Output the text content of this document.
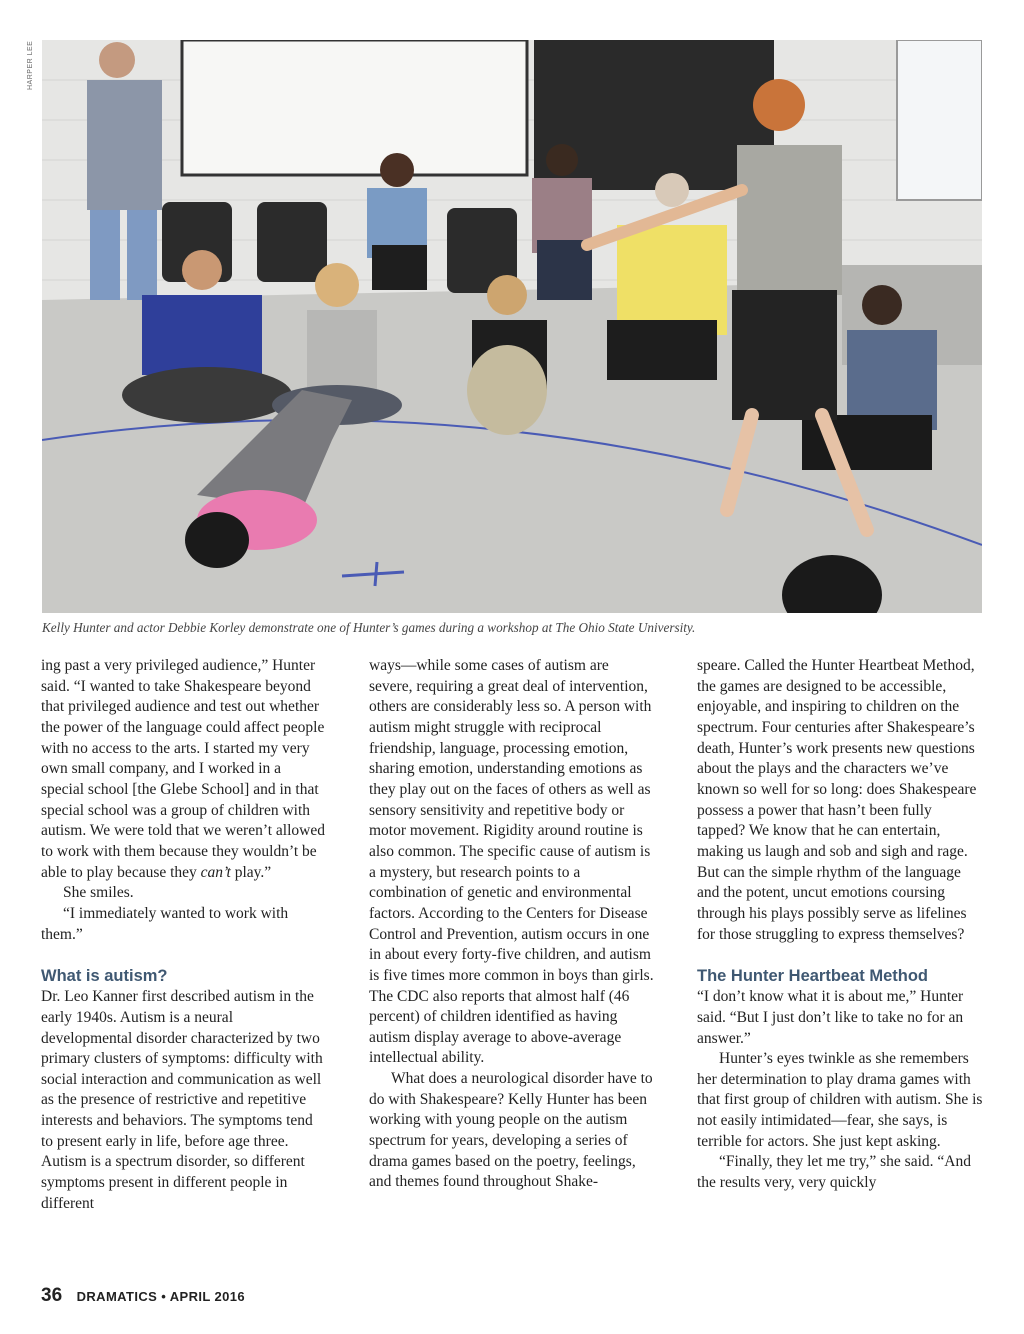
HARPER LEE
Kelly Hunter and actor Debbie Korley demonstrate one of Hunter’s games during a workshop at The Ohio State University.

ing past a very privileged audience,” Hunter said. “I wanted to take Shakespeare beyond that privileged audience and test out whether the power of the language could affect people with no access to the arts. I started my very own small company, and I worked in a special school [the Glebe School] and in that special school was a group of children with autism. We were told that we weren’t allowed to work with them because they wouldn’t be able to play because they can’t play.”

She smiles.

“I immediately wanted to work with them.”

What is autism?

Dr. Leo Kanner first described autism in the early 1940s. Autism is a neural developmental disorder characterized by two primary clusters of symptoms: difficulty with social interaction and communication as well as the presence of restrictive and repetitive interests and behaviors. The symptoms tend to present early in life, before age three. Autism is a spectrum disorder, so different symptoms present in different people in different

ways—while some cases of autism are severe, requiring a great deal of intervention, others are considerably less so. A person with autism might struggle with reciprocal friendship, language, processing emotion, sharing emotion, understanding emotions as they play out on the faces of others as well as sensory sensitivity and repetitive body or motor movement. Rigidity around routine is also common. The specific cause of autism is a mystery, but research points to a combination of genetic and environmental factors. According to the Centers for Disease Control and Prevention, autism occurs in one in about every forty-five children, and autism is five times more common in boys than girls. The CDC also reports that almost half (46 percent) of children identified as having autism display average to above-average intellectual ability.

What does a neurological disorder have to do with Shakespeare? Kelly Hunter has been working with young people on the autism spectrum for years, developing a series of drama games based on the poetry, feelings, and themes found throughout Shake-

speare. Called the Hunter Heartbeat Method, the games are designed to be accessible, enjoyable, and inspiring to children on the spectrum. Four centuries after Shakespeare’s death, Hunter’s work presents new questions about the plays and the characters we’ve known so well for so long: does Shakespeare possess a power that hasn’t been fully tapped? We know that he can entertain, making us laugh and sob and sigh and rage. But can the simple rhythm of the language and the potent, uncut emotions coursing through his plays possibly serve as lifelines for those struggling to express themselves?

The Hunter Heartbeat Method

“I don’t know what it is about me,” Hunter said. “But I just don’t like to take no for an answer.”

Hunter’s eyes twinkle as she remembers her determination to play drama games with that first group of children with autism. She is not easily intimidated—fear, she says, is terrible for actors. She just kept asking.

“Finally, they let me try,” she said. “And the results very, very quickly

36 DRAMATICS • APRIL 2016
